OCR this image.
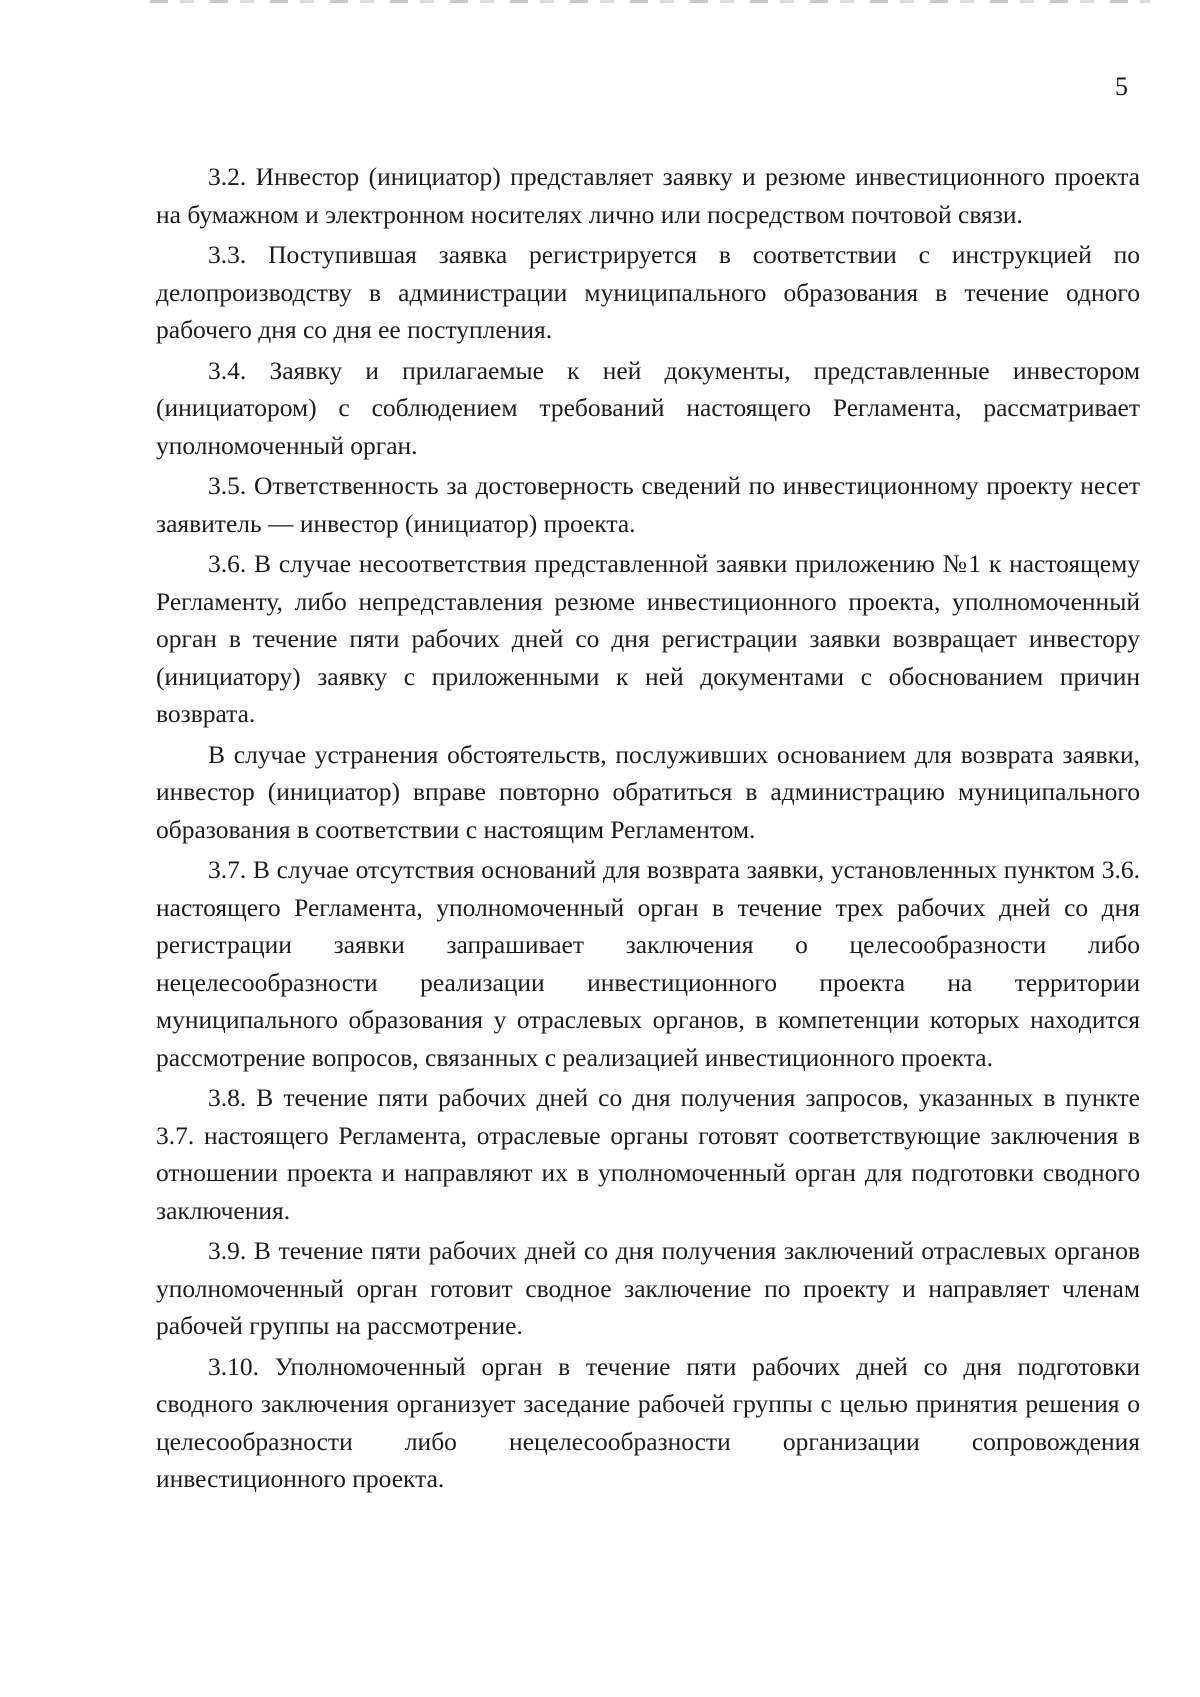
5

3.2. Инвестор (инициатор) представляет заявку и резюме инвестиционного проекта на бумажном и электронном носителях лично или посредством почтовой связи.

3.3. Поступившая заявка регистрируется в соответствии с инструкцией по делопроизводству в администрации муниципального образования в течение одного рабочего дня со дня ее поступления.

3.4. Заявку и прилагаемые к ней документы, представленные инвестором (инициатором) с соблюдением требований настоящего Регламента, рассматривает уполномоченный орган.

3.5. Ответственность за достоверность сведений по инвестиционному проекту несет заявитель — инвестор (инициатор) проекта.

3.6. В случае несоответствия представленной заявки приложению №1 к настоящему Регламенту, либо непредставления резюме инвестиционного проекта, уполномоченный орган в течение пяти рабочих дней со дня регистрации заявки возвращает инвестору (инициатору) заявку с приложенными к ней документами с обоснованием причин возврата.

В случае устранения обстоятельств, послуживших основанием для возврата заявки, инвестор (инициатор) вправе повторно обратиться в администрацию муниципального образования в соответствии с настоящим Регламентом.

3.7. В случае отсутствия оснований для возврата заявки, установленных пунктом 3.6. настоящего Регламента, уполномоченный орган в течение трех рабочих дней со дня регистрации заявки запрашивает заключения о целесообразности либо нецелесообразности реализации инвестиционного проекта на территории муниципального образования у отраслевых органов, в компетенции которых находится рассмотрение вопросов, связанных с реализацией инвестиционного проекта.

3.8. В течение пяти рабочих дней со дня получения запросов, указанных в пункте 3.7. настоящего Регламента, отраслевые органы готовят соответствующие заключения в отношении проекта и направляют их в уполномоченный орган для подготовки сводного заключения.

3.9. В течение пяти рабочих дней со дня получения заключений отраслевых органов уполномоченный орган готовит сводное заключение по проекту и направляет членам рабочей группы на рассмотрение.

3.10. Уполномоченный орган в течение пяти рабочих дней со дня подготовки сводного заключения организует заседание рабочей группы с целью принятия решения о целесообразности либо нецелесообразности организации сопровождения инвестиционного проекта.
